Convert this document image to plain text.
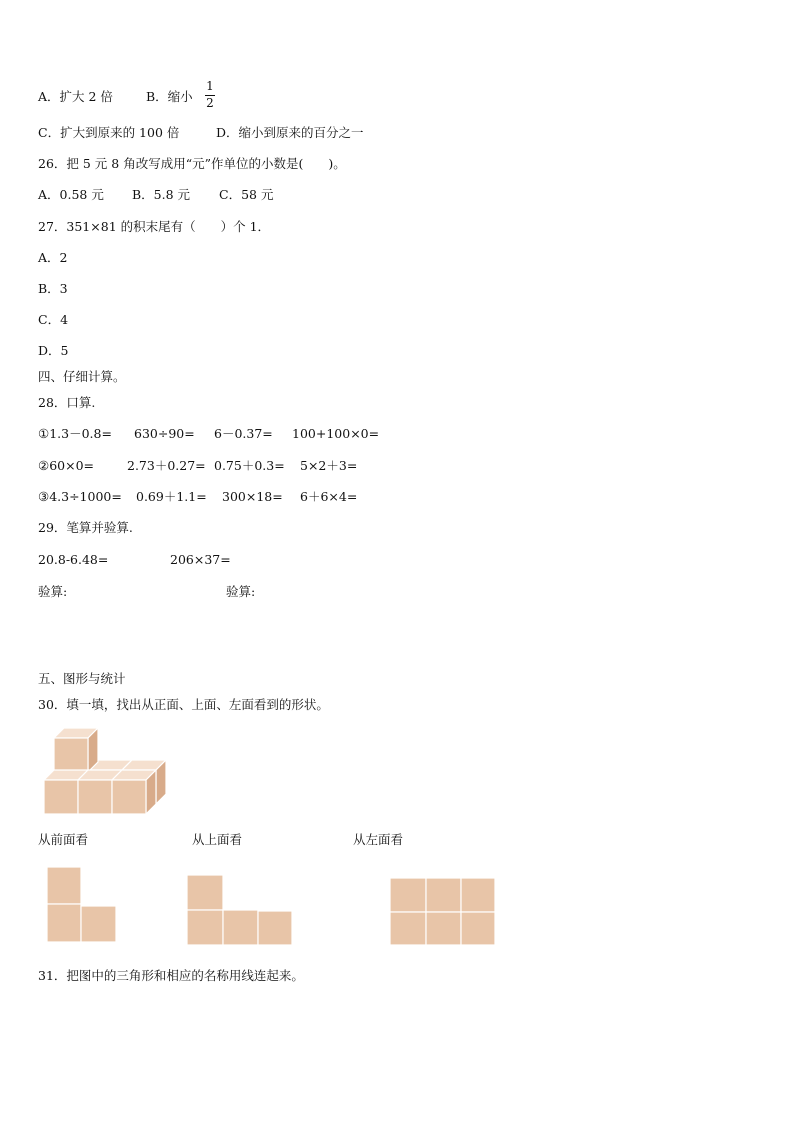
A．扩大 2 倍	B．缩小
1
2
C．扩大到原来的 100 倍	D．缩小到原来的百分之一
26．把 5 元 8 角改写成用“元”作单位的小数是(　　)。
A．0.58 元 B．5.8 元 C．58 元
27．351×81 的积末尾有（　　）个 1．
A．2
B．3
C．4
D．5
四、仔细计算。
28．口算.
①1.3－0.8= 630÷90= 6－0.37= 100+100×0=
②60×0=	2.73＋0.27= 0.75＋0.3= 5×2＋3=
③4.3÷1000= 0.69＋1.1= 300×18= 6＋6×4=
29．笔算并验算.
20.8-6.48=	206×37=
验算:	验算:
五、图形与统计
30．填一填，找出从正面、上面、左面看到的形状。
从前面看	从上面看	从左面看
31．把图中的三角形和相应的名称用线连起来。
